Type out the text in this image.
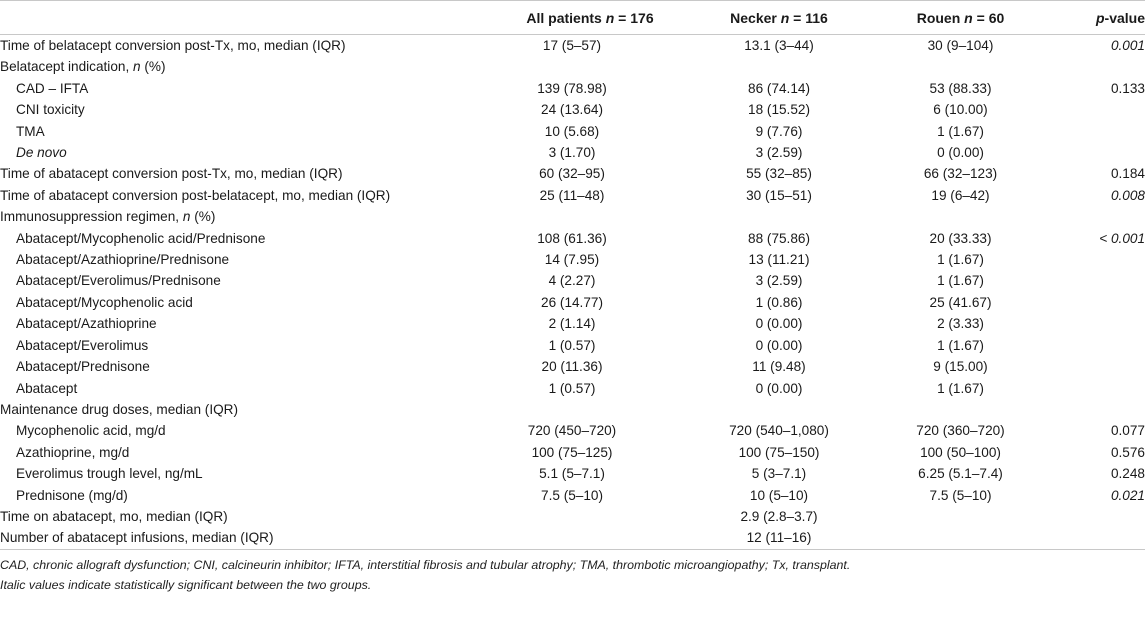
	All patients n = 176	Necker n = 116	Rouen n = 60	p-value
Time of belatacept conversion post-Tx, mo, median (IQR)	17 (5–57)	13.1 (3–44)	30 (9–104)	0.001
Belatacept indication, n (%)				
CAD – IFTA	139 (78.98)	86 (74.14)	53 (88.33)	0.133
CNI toxicity	24 (13.64)	18 (15.52)	6 (10.00)	
TMA	10 (5.68)	9 (7.76)	1 (1.67)	
De novo	3 (1.70)	3 (2.59)	0 (0.00)	
Time of abatacept conversion post-Tx, mo, median (IQR)	60 (32–95)	55 (32–85)	66 (32–123)	0.184
Time of abatacept conversion post-belatacept, mo, median (IQR)	25 (11–48)	30 (15–51)	19 (6–42)	0.008
Immunosuppression regimen, n (%)				
Abatacept/Mycophenolic acid/Prednisone	108 (61.36)	88 (75.86)	20 (33.33)	< 0.001
Abatacept/Azathioprine/Prednisone	14 (7.95)	13 (11.21)	1 (1.67)	
Abatacept/Everolimus/Prednisone	4 (2.27)	3 (2.59)	1 (1.67)	
Abatacept/Mycophenolic acid	26 (14.77)	1 (0.86)	25 (41.67)	
Abatacept/Azathioprine	2 (1.14)	0 (0.00)	2 (3.33)	
Abatacept/Everolimus	1 (0.57)	0 (0.00)	1 (1.67)	
Abatacept/Prednisone	20 (11.36)	11 (9.48)	9 (15.00)	
Abatacept	1 (0.57)	0 (0.00)	1 (1.67)	
Maintenance drug doses, median (IQR)				
Mycophenolic acid, mg/d	720 (450–720)	720 (540–1,080)	720 (360–720)	0.077
Azathioprine, mg/d	100 (75–125)	100 (75–150)	100 (50–100)	0.576
Everolimus trough level, ng/mL	5.1 (5–7.1)	5 (3–7.1)	6.25 (5.1–7.4)	0.248
Prednisone (mg/d)	7.5 (5–10)	10 (5–10)	7.5 (5–10)	0.021
Time on abatacept, mo, median (IQR)		2.9 (2.8–3.7)		
Number of abatacept infusions, median (IQR)		12 (11–16)		
CAD, chronic allograft dysfunction; CNI, calcineurin inhibitor; IFTA, interstitial fibrosis and tubular atrophy; TMA, thrombotic microangiopathy; Tx, transplant.
Italic values indicate statistically significant between the two groups.
